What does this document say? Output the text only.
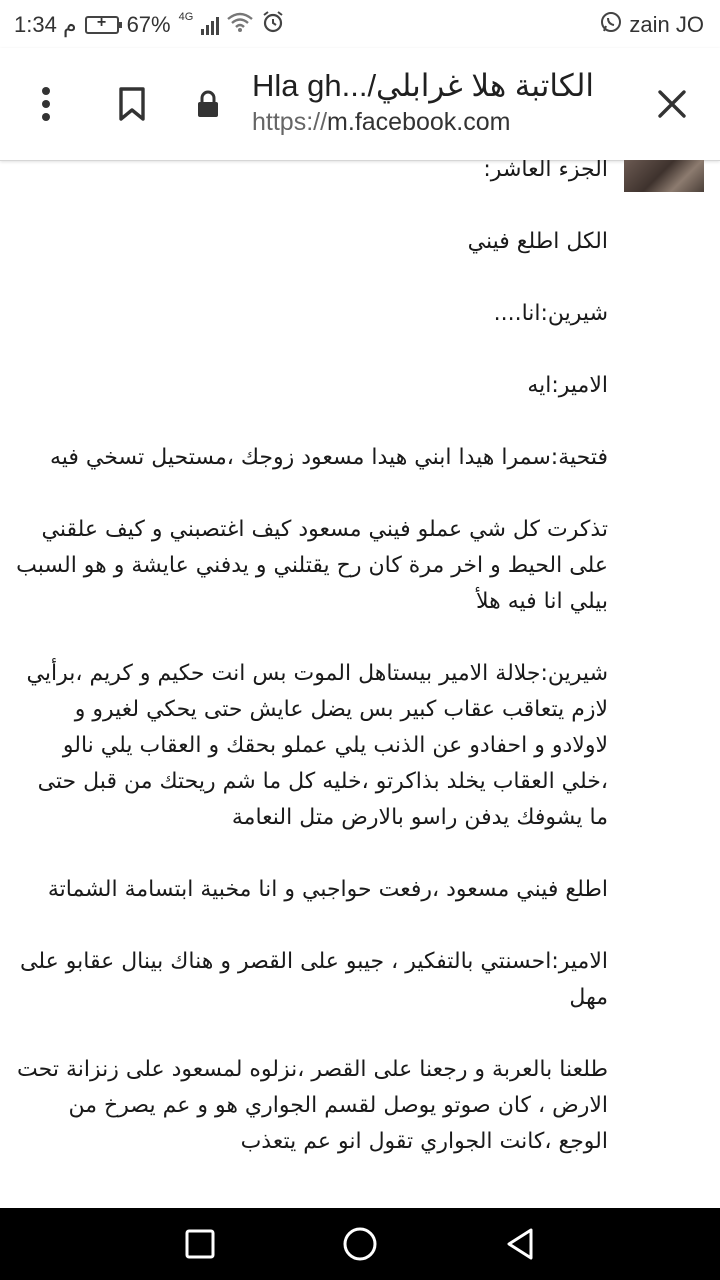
1:34 م	+ 67% 4G	zain JO
الكاتبة هلا غرابلي/...Hla gh
https://m.facebook.com

الجزء العاشر:

الكل اطلع فيني

شيرين:انا....

الامير:ايه

فتحية:سمرا هيدا ابني هيدا مسعود زوجك ،مستحيل تسخي فيه

تذكرت كل شي عملو فيني مسعود كيف اغتصبني و كيف علقني على الحيط و اخر مرة كان رح يقتلني و يدفني عايشة و هو السبب بيلي انا فيه هلأ

شيرين:جلالة الامير بيستاهل الموت بس انت حكيم و كريم ،برأيي لازم يتعاقب عقاب كبير بس يضل عايش حتى يحكي لغيرو و لاولادو و احفادو عن الذنب يلي عملو بحقك و العقاب يلي نالو ،خلي العقاب يخلد بذاكرتو ،خليه كل ما شم ريحتك من قبل حتى ما يشوفك يدفن راسو بالارض متل النعامة

اطلع فيني مسعود ،رفعت حواجبي و انا مخبية ابتسامة الشماتة

الامير:احسنتي بالتفكير ، جيبو على القصر و هناك بينال عقابو على مهل

طلعنا بالعربة و رجعنا على القصر ،نزلوه لمسعود على زنزانة تحت الارض ، كان صوتو يوصل لقسم الجواري هو و عم يصرخ من الوجع ،كانت الجواري تقول انو عم يتعذب
